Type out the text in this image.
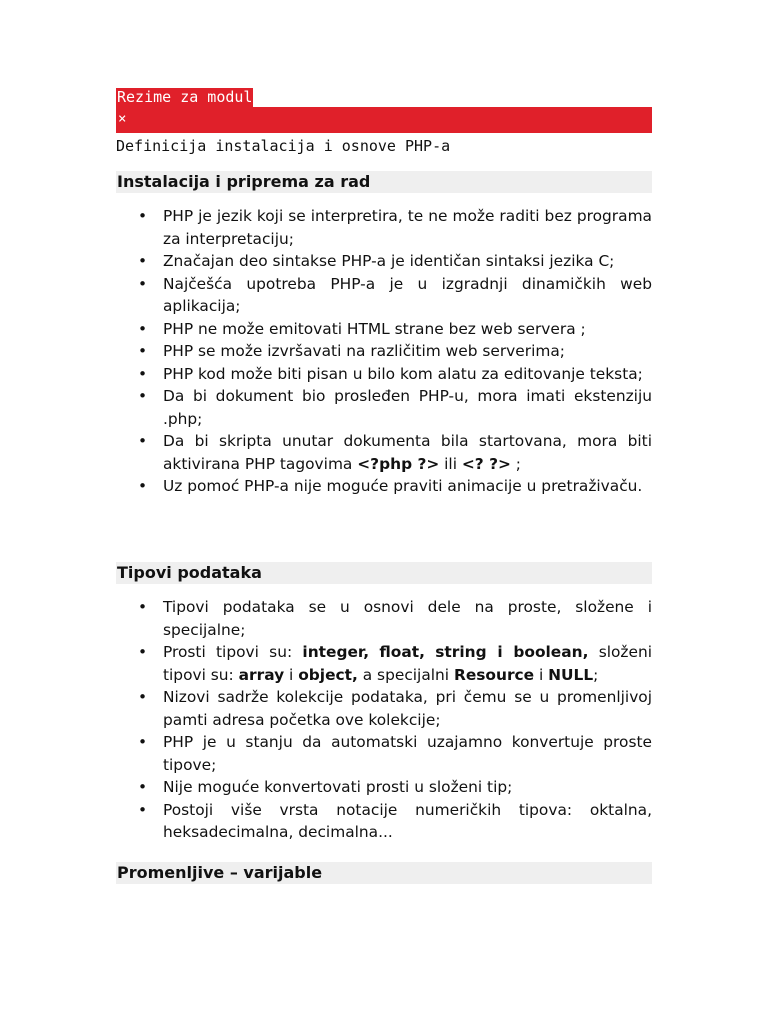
Rezime za modul
×
Definicija instalacija i osnove PHP-a
Instalacija i priprema za rad
• PHP je jezik koji se interpretira, te ne može raditi bez programa za interpretaciju;
• Značajan deo sintakse PHP-a je identičan sintaksi jezika C;
• Najčešća upotreba PHP-a je u izgradnji dinamičkih web aplikacija;
• PHP ne može emitovati HTML strane bez web servera ;
• PHP se može izvršavati na različitim web serverima;
• PHP kod može biti pisan u bilo kom alatu za editovanje teksta;
• Da bi dokument bio prosleđen PHP-u, mora imati ekstenziju .php;
• Da bi skripta unutar dokumenta bila startovana, mora biti aktivirana PHP tagovima <?php ?> ili <? ?> ;
• Uz pomoć PHP-a nije moguće praviti animacije u pretraživaču.
Tipovi podataka
• Tipovi podataka se u osnovi dele na proste, složene i specijalne;
• Prosti tipovi su: integer, float, string i boolean, složeni tipovi su: array i object, a specijalni Resource i NULL;
• Nizovi sadrže kolekcije podataka, pri čemu se u promenljivoj pamti adresa početka ove kolekcije;
• PHP je u stanju da automatski uzajamno konvertuje proste tipove;
• Nije moguće konvertovati prosti u složeni tip;
• Postoji više vrsta notacije numeričkih tipova: oktalna, heksadecimalna, decimalna...
Promenljive – varijable
